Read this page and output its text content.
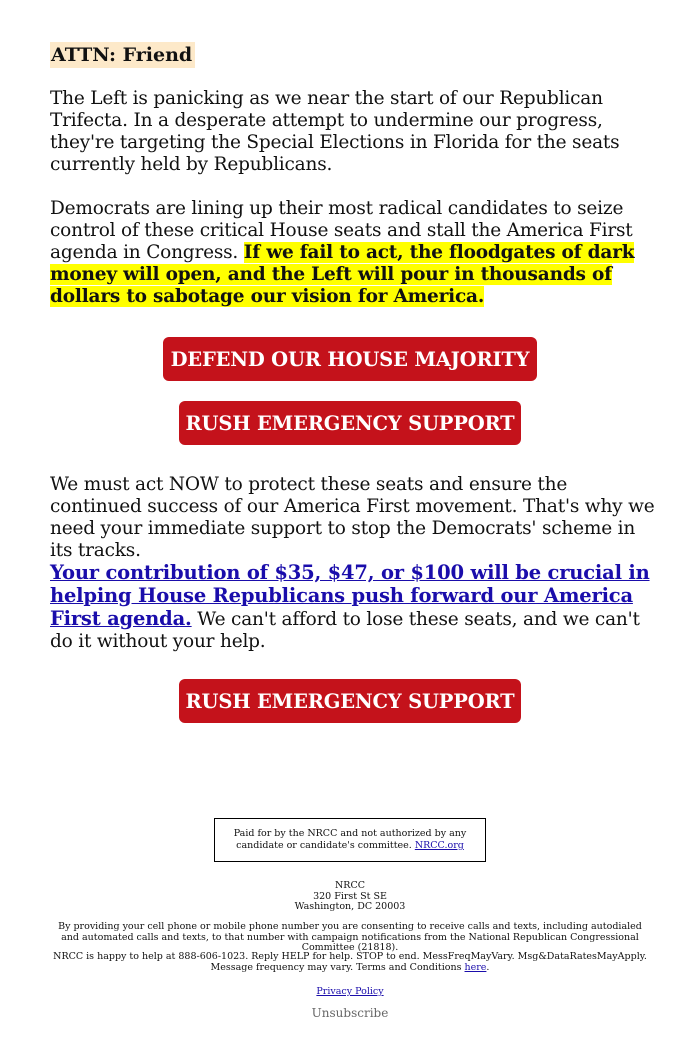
ATTN: Friend
The Left is panicking as we near the start of our Republican Trifecta. In a desperate attempt to undermine our progress, they're targeting the Special Elections in Florida for the seats currently held by Republicans.
Democrats are lining up their most radical candidates to seize control of these critical House seats and stall the America First agenda in Congress. If we fail to act, the floodgates of dark money will open, and the Left will pour in thousands of dollars to sabotage our vision for America.
We must act NOW to protect these seats and ensure the continued success of our America First movement. That's why we need your immediate support to stop the Democrats' scheme in its tracks.
Your contribution of $35, $47, or $100 will be crucial in helping House Republicans push forward our America First agenda. We can't afford to lose these seats, and we can't do it without your help.
DEFEND OUR HOUSE MAJORITY
RUSH EMERGENCY SUPPORT
RUSH EMERGENCY SUPPORT
Paid for by the NRCC and not authorized by any candidate or candidate's committee. NRCC.org
NRCC
320 First St SE
Washington, DC 20003
By providing your cell phone or mobile phone number you are consenting to receive calls and texts, including autodialed and automated calls and texts, to that number with campaign notifications from the National Republican Congressional Committee (21818).
NRCC is happy to help at 888-606-1023. Reply HELP for help. STOP to end. MessFreqMayVary. Msg&DataRatesMayApply. Message frequency may vary. Terms and Conditions here.
Privacy Policy
Unsubscribe
